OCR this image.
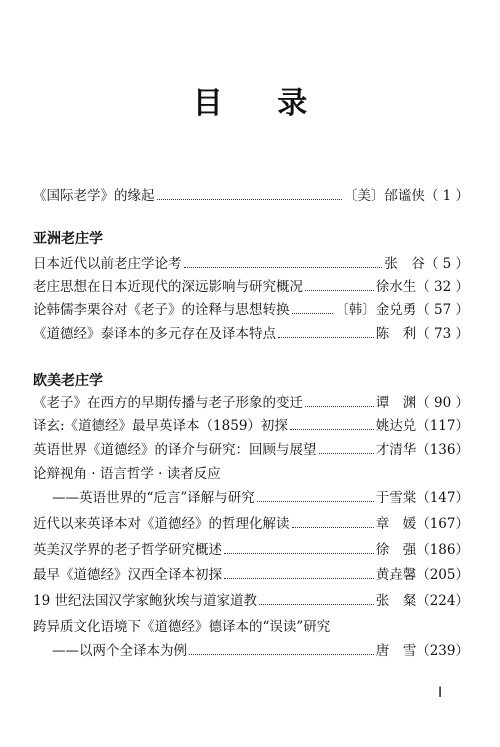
目 录
《国际老学》的缘起	〔美〕邰谧侠 （ 1 ）
亚洲老庄学
日本近代以前老庄学论考	张　谷 （ 5 ）
老庄思想在日本近现代的深远影响与研究概况	徐水生 （ 32 ）
论韩儒李栗谷对《老子》的诠释与思想转换	〔韩〕金兑勇 （ 57 ）
《道德经》泰译本的多元存在及译本特点	陈　利 （ 73 ）
欧美老庄学
《老子》在西方的早期传播与老子形象的变迁	谭　渊 （ 90 ）
译玄:《道德经》最早英译本（1859）初探	姚达兑 （117）
英语世界《道德经》的译介与研究：回顾与展望	才清华 （136）
论辩视角 · 语言哲学 · 读者反应
——英语世界的“卮言”译解与研究	于雪棠 （147）
近代以来英译本对《道德经》的哲理化解读	章　媛 （167）
英美汉学界的老子哲学研究概述	徐　强 （186）
最早《道德经》汉西全译本初探	黄垚馨 （205）
19 世纪法国汉学家鲍狄埃与道家道教	张　粲 （224）
跨异质文化语境下《道德经》德译本的“误读”研究
——以两个全译本为例	唐　雪 （239）
Ⅰ
